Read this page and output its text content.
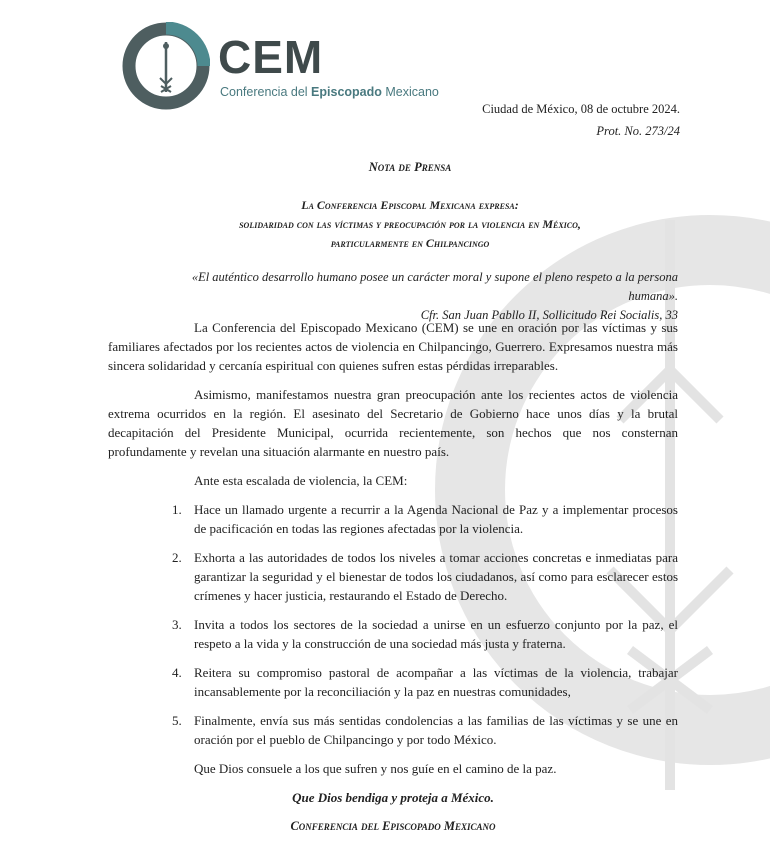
CEM
Conferencia del Episcopado Mexicano
Ciudad de México, 08 de octubre 2024.
Prot. No. 273/24
Nota de Prensa
La Conferencia Episcopal Mexicana expresa:
solidaridad con las víctimas y preocupación por la violencia en México,
particularmente en Chilpancingo
«El auténtico desarrollo humano posee un carácter moral y supone el pleno respeto a la persona humana».
Cfr. San Juan Pabllo II, Sollicitudo Rei Socialis, 33

La Conferencia del Episcopado Mexicano (CEM) se une en oración por las víctimas y sus familiares afectados por los recientes actos de violencia en Chilpancingo, Guerrero. Expresamos nuestra más sincera solidaridad y cercanía espiritual con quienes sufren estas pérdidas irreparables.

Asimismo, manifestamos nuestra gran preocupación ante los recientes actos de violencia extrema ocurridos en la región. El asesinato del Secretario de Gobierno hace unos días y la brutal decapitación del Presidente Municipal, ocurrida recientemente, son hechos que nos consternan profundamente y revelan una situación alarmante en nuestro país.

Ante esta escalada de violencia, la CEM:

1. Hace un llamado urgente a recurrir a la Agenda Nacional de Paz y a implementar procesos de pacificación en todas las regiones afectadas por la violencia.
2. Exhorta a las autoridades de todos los niveles a tomar acciones concretas e inmediatas para garantizar la seguridad y el bienestar de todos los ciudadanos, así como para esclarecer estos crímenes y hacer justicia, restaurando el Estado de Derecho.
3. Invita a todos los sectores de la sociedad a unirse en un esfuerzo conjunto por la paz, el respeto a la vida y la construcción de una sociedad más justa y fraterna.
4. Reitera su compromiso pastoral de acompañar a las víctimas de la violencia, trabajar incansablemente por la reconciliación y la paz en nuestras comunidades,
5. Finalmente, envía sus más sentidas condolencias a las familias de las víctimas y se une en oración por el pueblo de Chilpancingo y por todo México.

Que Dios consuele a los que sufren y nos guíe en el camino de la paz.

Que Dios bendiga y proteja a México.
Conferencia del Episcopado Mexicano
